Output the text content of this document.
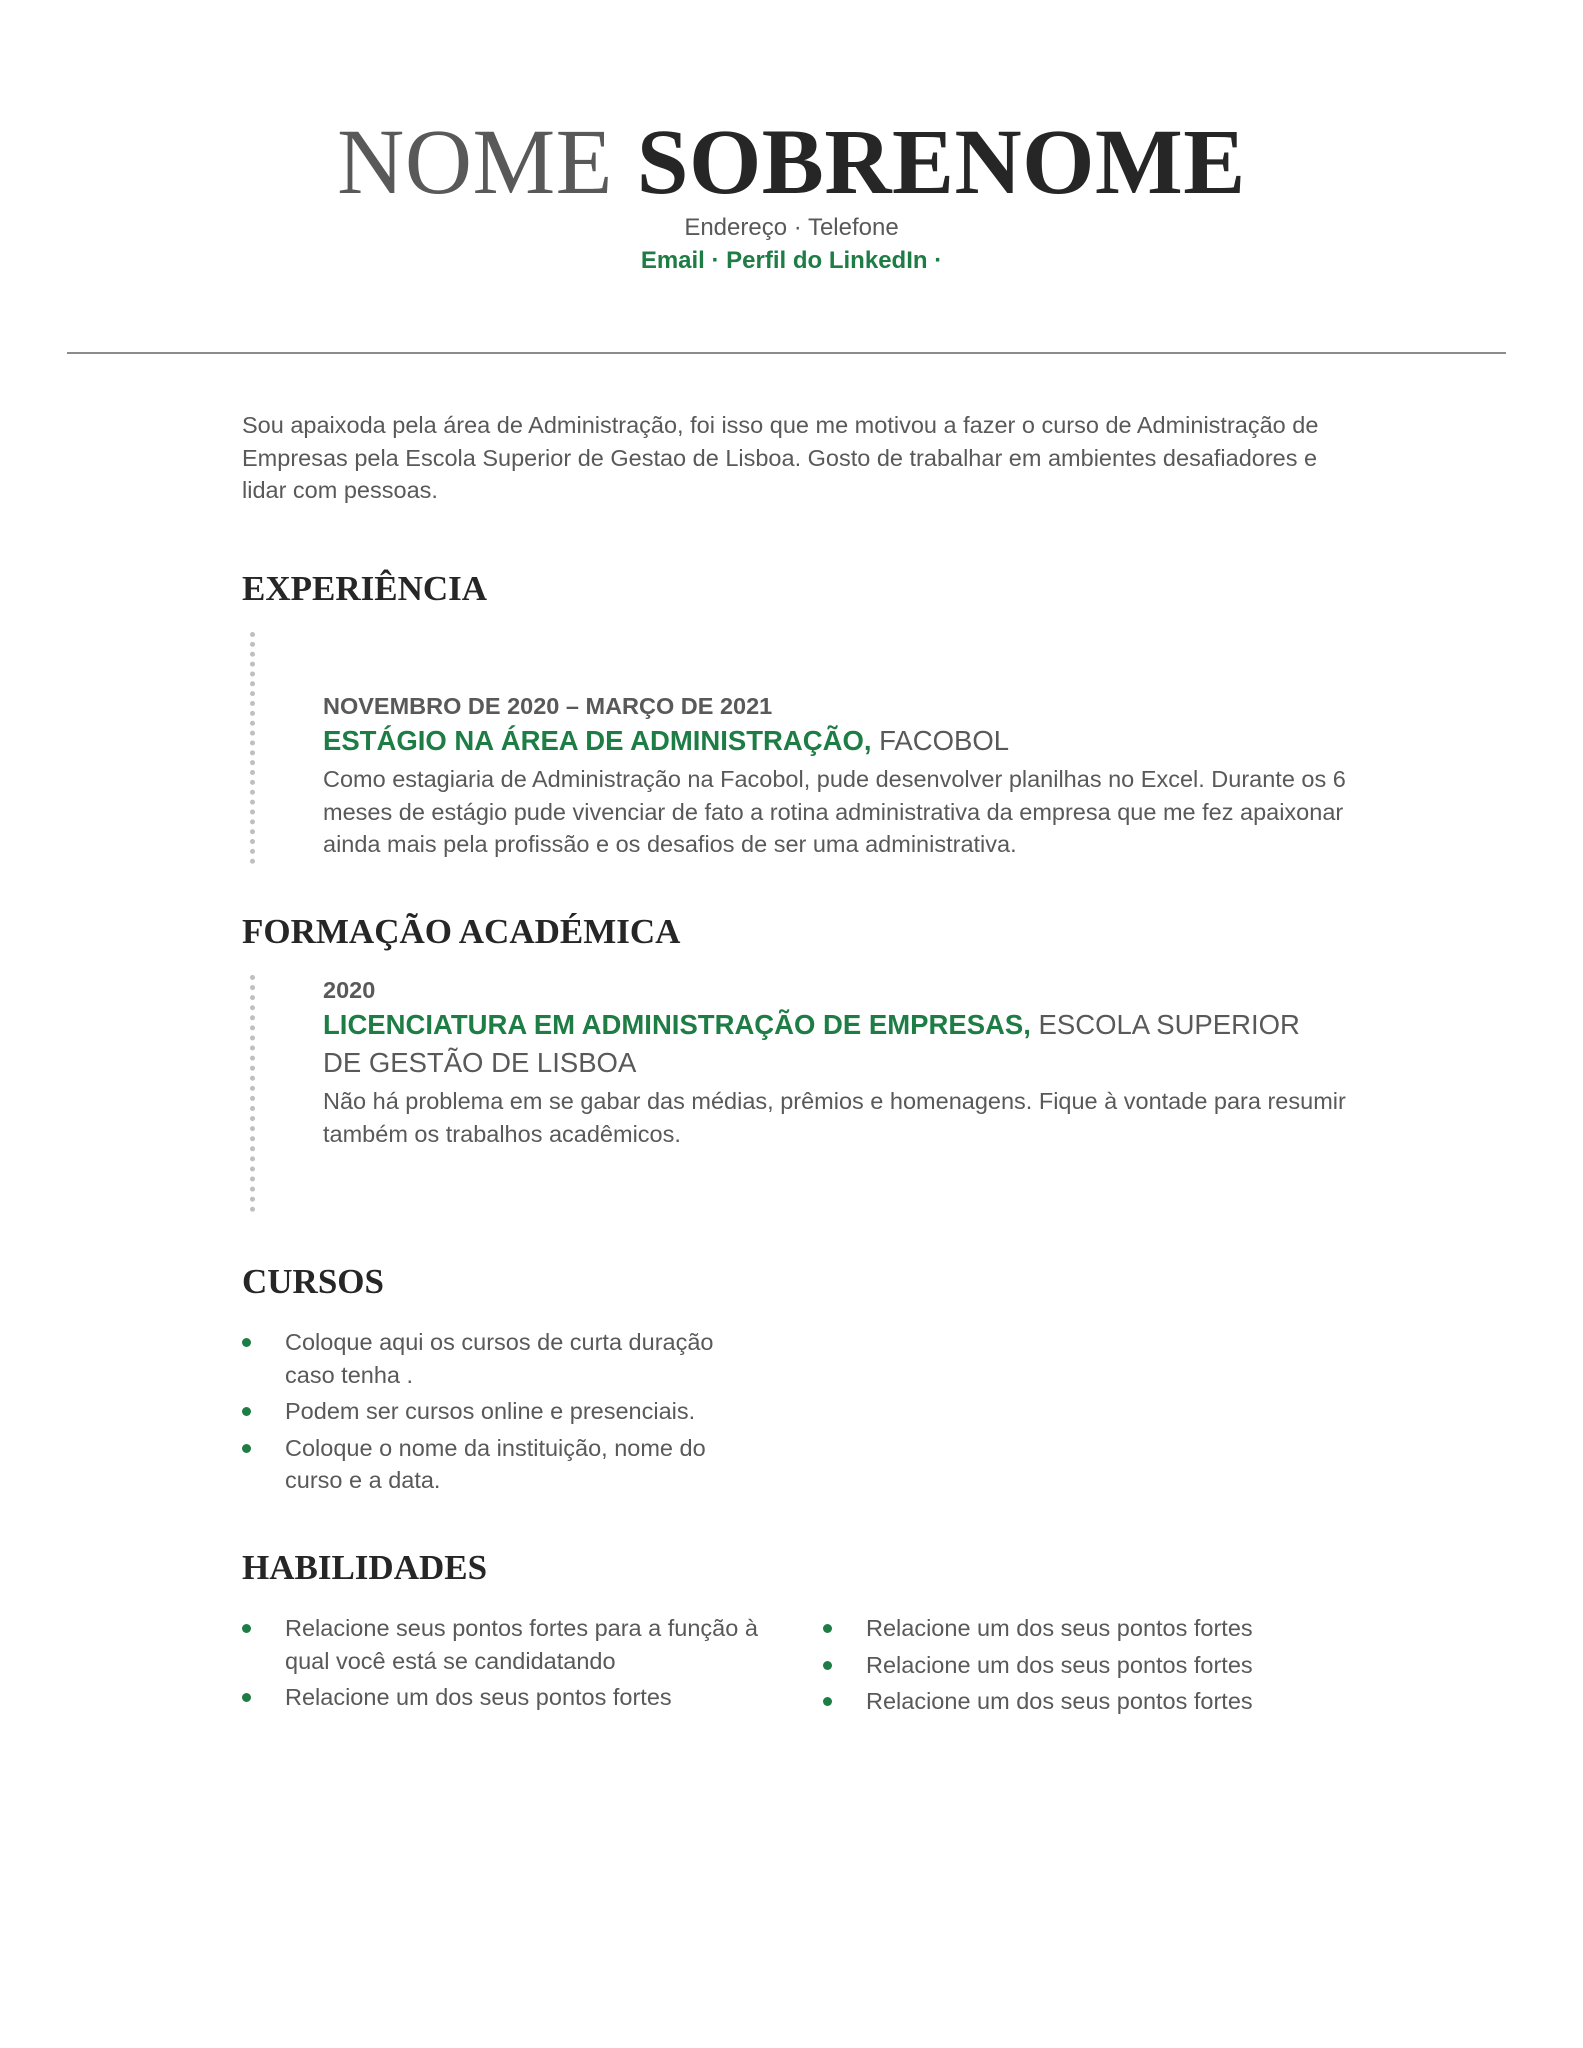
NOME SOBRENOME
Endereço · Telefone
Email · Perfil do LinkedIn ·
Sou apaixoda pela área de Administração, foi isso que me motivou a fazer o curso de Administração de Empresas pela Escola Superior de Gestao de Lisboa. Gosto de trabalhar em ambientes desafiadores e lidar com pessoas.
EXPERIÊNCIA
NOVEMBRO DE 2020 – MARÇO DE 2021
ESTÁGIO NA ÁREA DE ADMINISTRAÇÃO, FACOBOL
Como estagiaria de Administração na Facobol, pude desenvolver planilhas no Excel. Durante os 6 meses de estágio pude vivenciar de fato a rotina administrativa da empresa que me fez apaixonar ainda mais pela profissão e os desafios de ser uma administrativa.
FORMAÇÃO ACADÉMICA
2020
LICENCIATURA EM ADMINISTRAÇÃO DE EMPRESAS, ESCOLA SUPERIOR DE GESTÃO DE LISBOA
Não há problema em se gabar das médias, prêmios e homenagens. Fique à vontade para resumir também os trabalhos acadêmicos.
CURSOS
Coloque aqui os cursos de curta duração caso tenha .
Podem ser cursos online e presenciais.
Coloque o nome da instituição, nome do curso e a data.
HABILIDADES
Relacione seus pontos fortes para a função à qual você está se candidatando
Relacione um dos seus pontos fortes
Relacione um dos seus pontos fortes
Relacione um dos seus pontos fortes
Relacione um dos seus pontos fortes
